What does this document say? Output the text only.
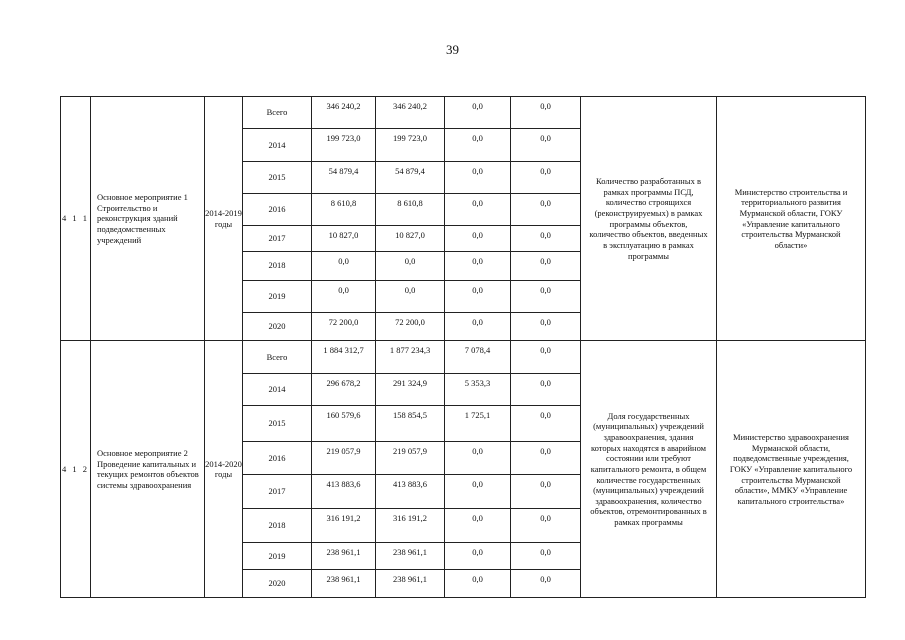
39
4 1 1	Основное мероприятие 1 Строительство и реконструкция зданий подведомственных учреждений	2014-2019 годы	Всего	346 240,2	346 240,2	0,0	0,0	Количество разработанных в рамках программы ПСД, количество строящихся (реконструируемых) в рамках программы объектов, количество объектов, введенных в эксплуатацию в рамках программы	Министерство строительства и территориального развития Мурманской области, ГОКУ «Управление капитального строительства Мурманской области»
			2014	199 723,0	199 723,0	0,0	0,0		
			2015	54 879,4	54 879,4	0,0	0,0		
			2016	8 610,8	8 610,8	0,0	0,0		
			2017	10 827,0	10 827,0	0,0	0,0		
			2018	0,0	0,0	0,0	0,0		
			2019	0,0	0,0	0,0	0,0		
			2020	72 200,0	72 200,0	0,0	0,0		
4 1 2	Основное мероприятие 2 Проведение капитальных и текущих ремонтов объектов системы здравоохранения	2014-2020 годы	Всего	1 884 312,7	1 877 234,3	7 078,4	0,0	Доля государственных (муниципальных) учреждений здравоохранения, здания которых находятся в аварийном состоянии или требуют капитального ремонта, в общем количестве государственных (муниципальных) учреждений здравоохранения, количество объектов, отремонтированных в рамках программы	Министерство здравоохранения Мурманской области, подведомственные учреждения, ГОКУ «Управление капитального строительства Мурманской области», ММКУ «Управление капитального строительства»
			2014	296 678,2	291 324,9	5 353,3	0,0		
			2015	160 579,6	158 854,5	1 725,1	0,0		
			2016	219 057,9	219 057,9	0,0	0,0		
			2017	413 883,6	413 883,6	0,0	0,0		
			2018	316 191,2	316 191,2	0,0	0,0		
			2019	238 961,1	238 961,1	0,0	0,0		
			2020	238 961,1	238 961,1	0,0	0,0		
